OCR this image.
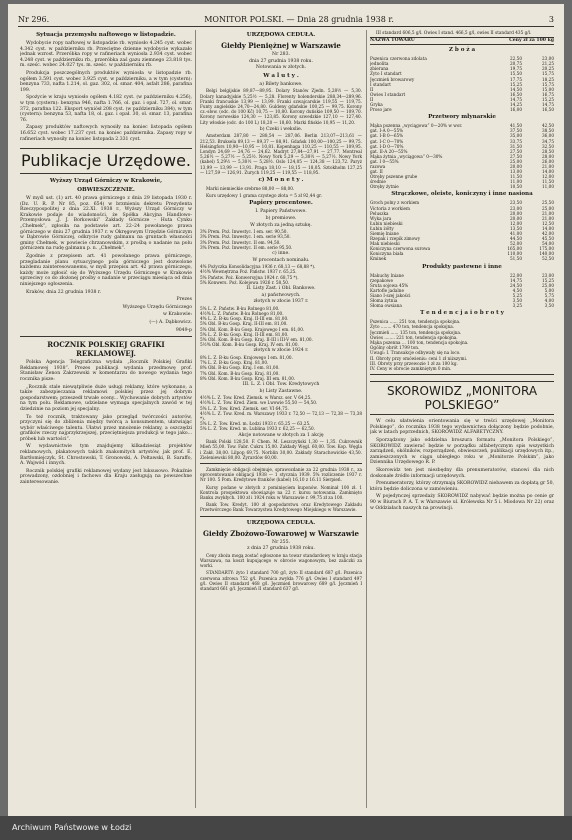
Nr 296.	MONITOR POLSKI. — Dnia 28 grudnia 1938 r.	3
Sytuacja przemysłu naftowego w listopadzie.

Wydobycie ropy naftowej w listopadzie rb. wyniosło 4.245 cyst. wobec 4.342 cyst. w październiku rb. Przeciętne dzienne wydobycie wykazało jednak wzrost. Przeróbka ropy w rafineriach wyniosła 2.934 cyst. wobec 4.248 cyst. w październiku rb., przeróbka zaś gazu ziemnego 23.818 tys. m. sześc. wobec 24.027 tys. m. sześc. w październiku rb.

Produkcja poszczególnych produktów wyniosła w listopadzie rb. ogółem 3.591 cyst. wobec 3.925 cyst. w październiku, a w tym (cystern): benzyna 733, nafta 1.214, ol. gaz. 302, ol. smar. 404, asfalt 286, parafina 199.

Spożycie w kraju wyniosło ogółem 4.182 cyst. (w październiku 4.256), w tym (cystern): benzyna 946, nafta 1.766, ol. gaz. i opał. 727, ol. smar. 372, parafina 122. Eksport wyniósł 208 cyst. (w październiku 384), w tym (cystern): benzyna 53, nafta 18, ol. gaz. i opał. 30, ol. smar. 13, parafina 76.

Zapasy produktów naftowych wynosiły na koniec listopada ogółem 16.652 cyst. wobec 17.237 cyst. na koniec października. Zapasy ropy w rafineriach wynosiły na koniec listopada 2.331 cyst.

Publikacje Urzędowe.
Wyższy Urząd Górniczy w Krakowie,
OBWIESZCZENIE.

W myśl ust. (1) art. 40 prawa górniczego z dnia 29 listopada 1930 r. (Dz. U. R. P. Nr 85, poz. 654) w brzmieniu dekretu Prezydenta Rzeczypospolitej z dnia 22.XI. 1938 r., Wyższy Urząd Górniczy w Krakowie podaje do wiadomości, że Spółka Akcyjna Handlowo-Przemysłowa „J. J. Borkowski” Zakłady Górnicze - Huta Cynku „Chełmek”, zgłosiła na podstawie art. 22–24 powołanego prawa górniczego w dniu 27 grudnia 1937 r. w Okręgowym Urzędzie Górniczym w Dąbrowie Górniczej, odkrycie rudy galmanu na gruntach własności gminy Chełmek, w powiecie chrzanowskim, z prośbą o nadanie na polu górniczem na rudę galmanu p. n. „Chełmek”.

Zgodnie z przepisem art. 41 powołanego prawa górniczego, przegladanie planu sytuacyjnego pola górniczego jest dozwolone każdemu zainteresowanemu, w myśl przepisu art. 42 prawa górniczego, każdy może zgłosić się do Wyższego Urzędu Górniczego w Krakowie sprzeciwy co do złożonej prośby o nadanie w przeciągu miesiąca od dnia niniejszego ogłoszenia.

Kraków, dnia 22 grudnia 1938 r.

Prezes
Wyższego Urzędu Górniczego
w Krakowie:
(—) A. Dąbkowicz.
9049-p
ROCZNIK POLSKIEJ GRAFIKI REKLAMOWEJ.

Polska Agencja Telegraficzna wydała „Rocznik Polskiej Grafiki Reklamowej 1938”. Prezes publikacji wydania przedmowę prof. Stanisław Zenon Zakrzewski w komentarzu do nowego wydania tego rocznika pisze:

„Rocznik stale niewątpliwie duże usługi reklamy, które wykonano, a także zabezpieczania reklamowi polskiej przez jej dobrym gospodarstwem; przeszedł trwałe oceny... Wychowanie dobrych artystów na tym polu. Reklamowe, udzielane wymaga specjalnych zawód w tej dziedzinie na poziom jej specjalny.

To też rocznik, traktowany jako przegląd twórczości autorów, przyczyni się do zbliżenia między twórcą a konsumentem, ułatwiając wybór właściwego talentu. Ułatwi przez mnożenie reklamy, a oszczędzi grafików rzeczy najprzykrzejszej, przeciętniejsza produkcji w tego jako... próbek lub wartości”.

W wydawnictwie tym znajdujemy kilkadziesiąt projektów reklamowych, plakatowych takich znakomitych artystów, jak prof. E. Bartłomiejczyk, St. Chrostowski, T. Gronowski, A. Połtawski, B. Saraffo, A. Wajwód i innych.

Rocznik polskiej grafiki reklamowej wydany jest luksusowo. Pokaźnie prowadzony, ozdobniej i fachowo dla Kraju zasługują na powszechne zainteresowanie.

URZĘDOWA CEDUŁA.
Giełdy Pieniężnej w Warszawie
Nr 283.
dnia 27 grudnia 1938 roku.
Notowania w złotych.
W a l u t y .
a) Bilety bankowe.

Belgi belgijskie 89,87—89,95. Dolary Stanów Zjedn. 5,28½ — 5,30. Dolary kanadyjskie 5,25½ — 5,28. Florenty holenderskie 288,34—289,96. Franki francuskie 13,99 — 13,99. Franki szwajcarskie 119,55 — 119,75. Funty angielskie 24,70—24,80. Guldeny gdańskie 100,25 — 99,75. Korony cz.-słow. (odc. do 100 Kč) 10,75 — 10,80. Korony duńskie 109,50 — 109,70. Korony norweskie 124,30 — 123,85. Korony szwedzkie 127,10 — 127,40. Lity włoskie (odc. do 100 L) 18,20 — 18,60. Marki fińskie 10,95 — 11,20.

b) Czeki i wekslie.

Amsterdam 287,80 — 288,54 — 287,06. Berlin 213,07—213,61 — 212,53. Bruksela 89,13 — 89,37 — 88,91. Gdańsk 100,00—100,25 — 99,75. Helsingfors 10,90—10,95 — 10,81. Kopenhaga 110,25 — 110,55 — 109,95. Londyn 24,69 — 24,76 — 24,62. Madryt 27,84—27,91 — 27,77. Montreal 5,26½ — 5,27½ — 5,25½. Nowy York 5,29 — 5,30½ — 5,27½. Nowy York (kabel) 5,29½ — 5,30½ — 5,28½. Oslo 124,05 — 124,38 — 123,72. Paryż 13,99 — 13,99 — 13,91. Praga 18,10 — 18,15 — 18,05. Sztokholm 127,25 — 127,59 — 126,91. Zurych 119,25 — 119,55 — 118,95.

c) M o n e t y .

Marki niemieckie srebrne 88,00 — 88,00.

Kurs urzędowy 1 grama czystego złota = 5 zł 92,44 gr.

Papiery procentowe.
I. Papiery Państwowe.
b) premiowe.
W złotych za jedną sztukę.
3% Prem. Poż. Inwestyc. I em. ser. 90,50.
3% Prem. Poż. Inwestyc. I em. serie 93,50.
3% Prem. Poż. Inwestyc. II em. 94,50.
3% Prem. Poż. Inwestyc. II em. serie 95,50.
c) inne.
W procentach nominału.
4% Pożyczka Konsolidacyjna 1936 r. 68,13 — 68,88 *).
4½% Wewnętrzna Poż. Państw. 1937 r. 65,25.
5% Państw. Poż. Konwersyjna 1924 r. 68,75 *).
5% Konwers. Poż. Kolejowa 1926 r. 58,50.
II. Listy Zast. i Obl. Bankowe.
a) państwowych.
złotych w złocie 1937 r.
5% L. Z. Państw. B-ku Rolnego 81,00.
4½% L. Z. Państw. B-ku Rolnego 81,00.
4% L. Z. B-ku Gosp. Kraj. II-III em. 81,00.
5% Obl. B-ku Gosp. Kraj. II-III em. 81,00.
5% Obl. Kom. B-ku Gosp. Krajowego I em. 81,00.
5% L. Z. B-ku Gosp. Kraj. II-III em. 81,00.
5% Obl. Kom. B-ku Gosp. Kraj. II-III i III-V em. 81,00.
5½% Obl. Kom. B-ku Gosp. Kraj. IV em. 81,00.
złotych w złocie 1924 r.
8% L. Z. B-ku Gosp. Krajowego I em. 81,00.
7% L. Z. B-ku Gosp. Kraj. 81,00.
8% Obl. B-ku Gosp. Kraj. I em. 81,00.
7% Obl. Kom. B-ku Gosp. Kraj. 81,00.
8% Obl. Kom. B-ku Gosp. Kraj. III em. 81,00.
III. L. Z. i Obl. Tow. Kredytowych
b) Listy Zastawne.
4½% L. Z. Tow. Kred. Ziemsk. w Warsz. ser. V 64,25.
4½% L. Z. Tow. Kred. Ziem. we Lwowie 55,50 — 54,50.
5% L. Z. Tow. Kred. Ziemsk. ser. VI 64,75.
4½% L. Z. Tow. Kred. m. Warszawy 1933 r. 72,50 — 72,13 — 72,38 — 73,38 *).
5% L. Z. Tow. Kred. m. Łodzi 1933 r. 65,25 — 63,25.
5% L. Z. Tow. Kred. m. Lublina 1933 r. 62,25 — 62,50.
Akcje notowane w złotych za 1 akcję

Bank Polski 128,50. F. Chem. M. Leszczyński 1,30 — 1,35. Cukrownik Mień 55,00. Tow. Fabr. Cukru 15,00. Zakłady Węgl. 60,00. Tow. Kop. Węgla i Zakł. 38,00. Lilpop 69,75. Norblin 30,00. Zakłady Starachowickie 43,50. Zieleniewski 80,00. Żyrardów 60,00.

Zamknięcie obligacji obejmuje, sprawozdanie za 22 grudnia 1938 r., za oprocentowanie obligacji 1938 — 1 stycznia 1939. 5% rozliczenie 1937 r. Nr 100. 5 Pom. Kredytowe franków (kabel) 16,10 z 16.11 Sierpień.

Kursy podane w złotych z pominięciem kuponów. Nominał 100 zł. 1 Kontrola prospektowa obowiązuje na 22 r. kursu notowania. Zamknięto Banku zwykłych. 100 zł i 1924 roku w Warszawie r. 99,75 zł za 100.

Bank Tow. Kredyt. 100 zł gospodarstwu oraz Kredytowego Zakładu Przetwórczego Bank Towarzystwa Kredytowego Miejskiego w Warszawie.

URZĘDOWA CEDUŁA.
Giełdy Zbożowo-Towarowej w Warszawie
Nr 255.
z dnia 27 grudnia 1938 roku.

Ceny zboża mogą zostać ogłoszone na towar standardowy w kraju stacja Warszawa, na koszt kupującego w obrocie wagonowym, bez zaliczki za worki.

STANDARTY: żyto I standard 700 g/l, żyto II standard 687 g/l. Pszenica czerwona zdrowa 752 g/l. Pszenica zwykła 776 g/l. Owies I standard 497 g/l. Owies II standard 468 g/l. Jęczmień browarowy 689 g/l. Jęczmień I standard 661 g/l. Jęczmień II standard 637 g/l.

III standard 606,5 g/l. Owies I stand. 466,5 g/l, owies II standard 435 g/l.

NAZWA TOWARU	Ceny zł za 100 kg
Z b o ż a
Pszenica czerwona zdolata	22,50	23,00
jednolita	20,75	21,25
zbierana	19,75	20,25
Żyto I standart	15,50	15,75
Jęczmień browarowy	17,75	18,25
I standart	15,25	15,75
II	14,50	15,00
Owies I standart	16,50	16,75
II	14,75	15,25
Gryka	14,25	14,75
Proso jare	16,00	16,50
Przetwory młynarskie
Mąka pszenna „wyciągowa” 0—20% w wor.	41,50	42,50
gat. I-A 0—55%	37,50	38,50
gat. I-B 0—65%	35,00	36,00
gat. I-C 0—70%	33,75	34,75
gat. I-D 0—70%	31,50	32,50
gat. II-A 20—55%	27,50	28,50
Mąka żytnia „wyciągowa” 0—30%	27,50	28,00
gat. I 0—55%	25,00	26,00
razowa	20,00	21,00
gat. II	13,00	14,00
Otręby pszenne grube	11,50	12,00
średnie	11,00	11,50
Otręby żytnie	10,50	11,00
Strączkowe, oleiste, koniczyny i inne nasiona
Groch polny z workiem	23,50	25,50
Victoria z workiem	23,00	25,00
Peluszka	20,00	21,00
Wyka jara	20,00	21,00
Łubin niebieski	12,00	12,50
Łubin żółty	13,50	14,00
Siemię lniane	41,00	42,00
Rzepak i rzepik zimowy	44,50	45,50
Mak niebieski	52,00	54,00
Koniczyna czerwona surowa	165,00	175,00
Koniczyna biała	110,00	140,00
Kminek	51,50	52,50
Produkty pastewne i inne
Makuchy lniane	22,00	23,00
rzepakowe	14,75	15,25
Śruta sojowa 45%	24,50	25,00
Kartofle jadalne	4,50	5,00
Siano I-szej jakości	5,25	5,75
Słoma żytnia	3,50	4,00
Słoma owsiana	3,25	3,50
T e n d e n c j a i o b r o t y
Pszenica ...... 251 ton, tendencja spokojna.
Żyto ........ 470 ton, tendencja spokojna.
Jęczmień ...... 135 ton, tendencja spokojna.
Owies ........ 221 ton, tendencja spokojna.
Mąka pszenna ... 100 ton, tendencja spokojna.
Ogólny obrót 1799 ton.
Uwagi: I. Transakcje odbywały się na loco.
II. Obroty przy omówieniu: ceni 1 zł niższymi.
III. Obroty przy przewozie 1 zł za 100 kg.
IV. Ceny w obrocie zamkniętym 0 min.
SKOROWIDZ „MONITORA POLSKIEGO”

W celu ułatwienia orientowania się w treści urzędowej „Monitora Polskiego”, do rocznika 1938 tego wydawnictwa dołączony będzie podobnie, jak w latach poprzednich, SKOROWIDZ ALFABETYCZNY.

Sporządzony jako oddzielna broszura formatu „Monitora Polskiego”, SKOROWIDZ zawierać będzie w porządku alfabetycznym spis wszystkich zarządzeń, okólników, rozporządzeń, obwieszczeń, publikacji urzędowych itp., zamieszczonych w ciągu ubiegłego roku w „Monitorze Polskim”, jako Dziennika Urzędowego R. P.

Skorowidz ten jest niezbędny dla prenumeratorów, stanowi dla nich doskonałe źródło informacji urzędowych.

Prenumeratorzy, którzy otrzymają SKOROWIDZ niebawem za dopłatą gr 50, która będzie doliczona w zamówieniu.

W pojedynczej sprzedaży SKOROWIDZ nabywać będzie można po cenie gr 90 w Biurach P. A. T. w Warszawie ul. Królewska Nr 5 i. Miodowa Nr 22) oraz w Oddziałach naszych na prowincji.

Archiwum Państwowe w Łodzi
